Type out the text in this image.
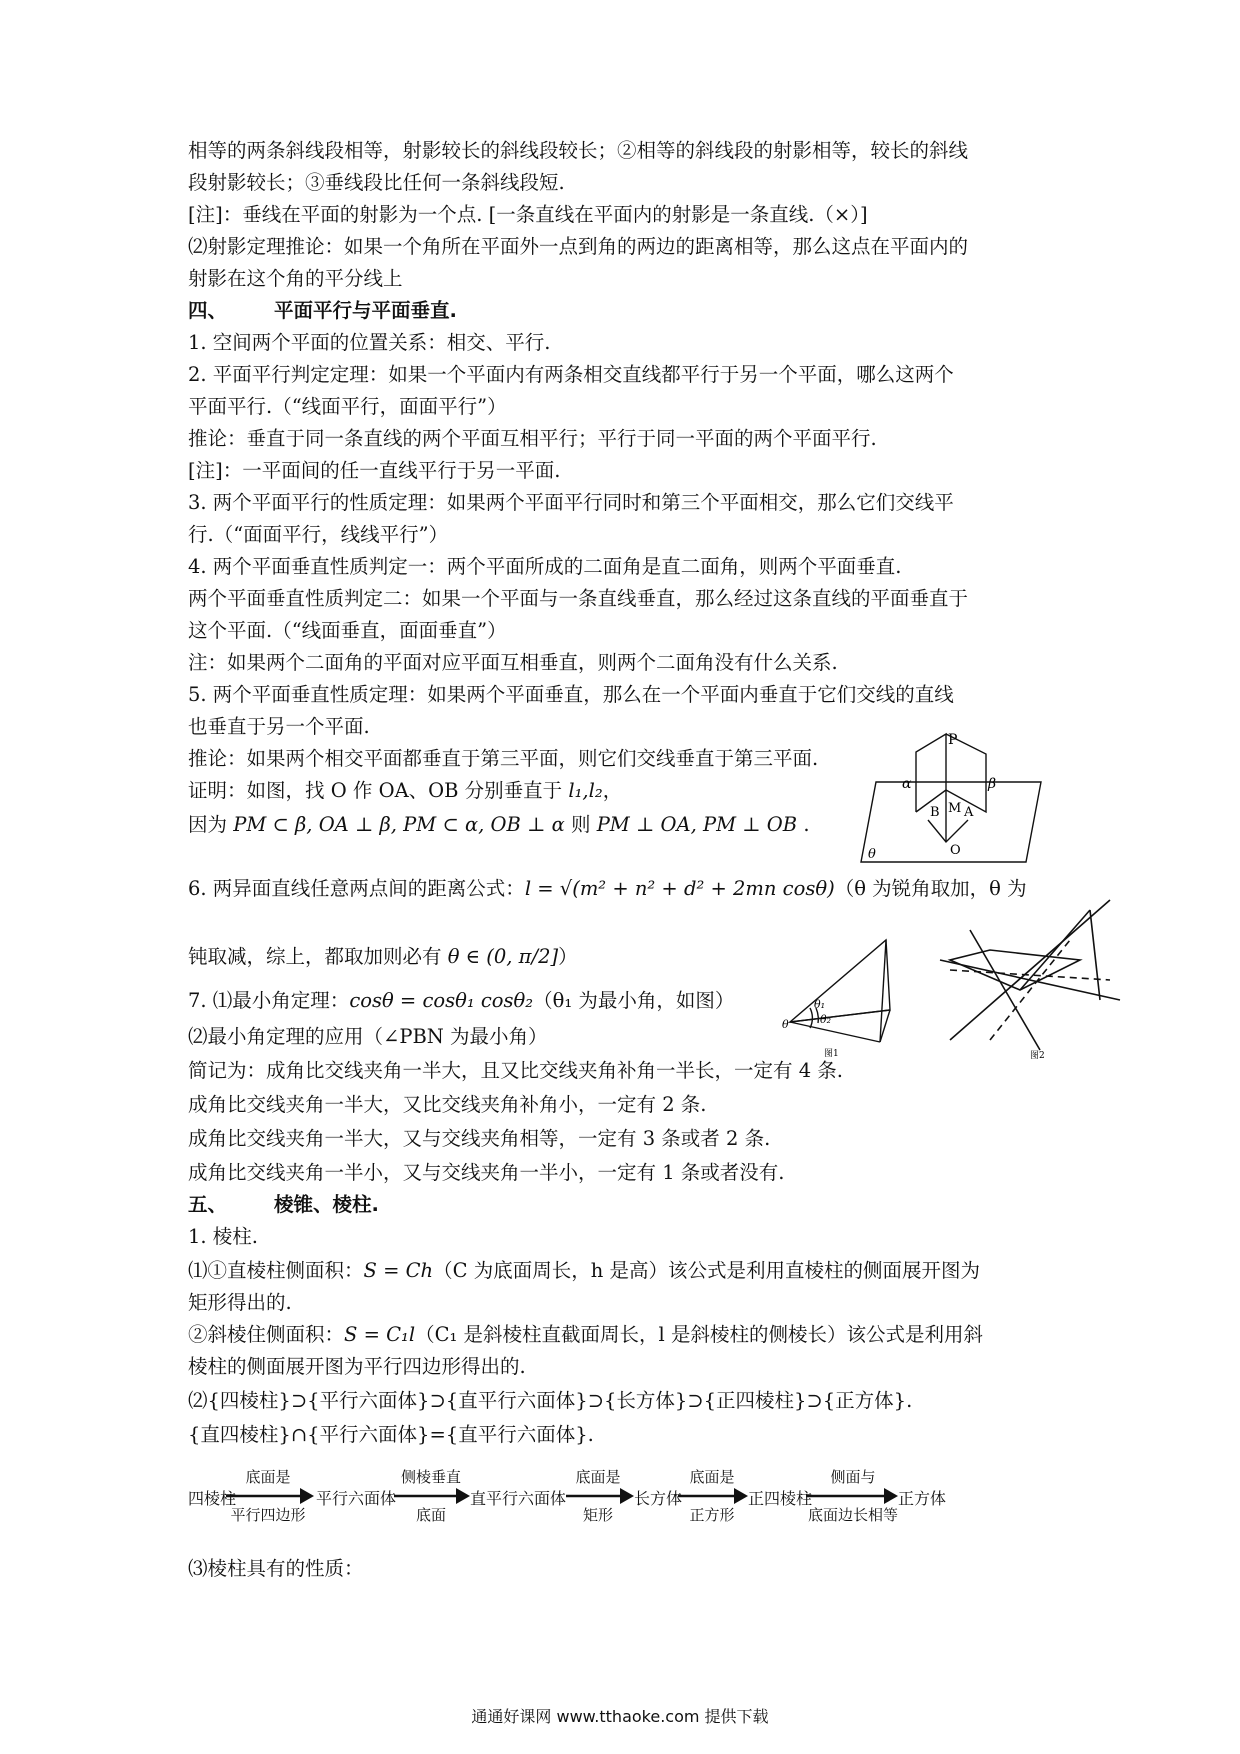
相等的两条斜线段相等，射影较长的斜线段较长；②相等的斜线段的射影相等，较长的斜线
段射影较长；③垂线段比任何一条斜线段短.
[注]：垂线在平面的射影为一个点. [一条直线在平面内的射影是一条直线.（×）]
⑵射影定理推论：如果一个角所在平面外一点到角的两边的距离相等，那么这点在平面内的
射影在这个角的平分线上
四、 平面平行与平面垂直.
1. 空间两个平面的位置关系：相交、平行.
2. 平面平行判定定理：如果一个平面内有两条相交直线都平行于另一个平面，哪么这两个
平面平行.（“线面平行，面面平行”）
推论：垂直于同一条直线的两个平面互相平行；平行于同一平面的两个平面平行.
[注]：一平面间的任一直线平行于另一平面.
3. 两个平面平行的性质定理：如果两个平面平行同时和第三个平面相交，那么它们交线平
行.（“面面平行，线线平行”）
4. 两个平面垂直性质判定一：两个平面所成的二面角是直二面角，则两个平面垂直.
两个平面垂直性质判定二：如果一个平面与一条直线垂直，那么经过这条直线的平面垂直于
这个平面.（“线面垂直，面面垂直”）
注：如果两个二面角的平面对应平面互相垂直，则两个二面角没有什么关系.
5. 两个平面垂直性质定理：如果两个平面垂直，那么在一个平面内垂直于它们交线的直线
也垂直于另一个平面.
推论：如果两个相交平面都垂直于第三平面，则它们交线垂直于第三平面.
证明：如图，找 O 作 OA、OB 分别垂直于 l₁,l₂，
因为 PM ⊂ β, OA ⊥ β, PM ⊂ α, OB ⊥ α 则 PM ⊥ OA, PM ⊥ OB .
6. 两异面直线任意两点间的距离公式：l = √(m² + n² + d² + 2mn cosθ)（θ 为锐角取加，θ 为
钝取减，综上，都取加则必有 θ ∈ (0, π/2]）
7. ⑴最小角定理：cosθ = cosθ₁ cosθ₂（θ₁ 为最小角，如图）
⑵最小角定理的应用（∠PBN 为最小角）
简记为：成角比交线夹角一半大，且又比交线夹角补角一半长，一定有 4 条.
成角比交线夹角一半大，又比交线夹角补角小，一定有 2 条.
成角比交线夹角一半大，又与交线夹角相等，一定有 3 条或者 2 条.
成角比交线夹角一半小，又与交线夹角一半小，一定有 1 条或者没有.
五、 棱锥、棱柱.
1. 棱柱.
⑴①直棱柱侧面积：S = Ch（C 为底面周长，h 是高）该公式是利用直棱柱的侧面展开图为
矩形得出的.
②斜棱住侧面积：S = C₁l（C₁ 是斜棱柱直截面周长，l 是斜棱柱的侧棱长）该公式是利用斜
棱柱的侧面展开图为平行四边形得出的.
⑵{四棱柱}⊃{平行六面体}⊃{直平行六面体}⊃{长方体}⊃{正四棱柱}⊃{正方体}.
{直四棱柱}∩{平行六面体}={直平行六面体}.
四棱柱	平行六面体	直平行六面体	长方体	正四棱柱	正方体
底面是
平行四边形
侧棱垂直
底面
底面是
矩形
底面是
正方形
侧面与
底面边长相等
⑶棱柱具有的性质：
P
α	β
B M A
O
θ
θ₁
θ₂
θ
图1	图2
通通好课网 www.tthaoke.com 提供下载
